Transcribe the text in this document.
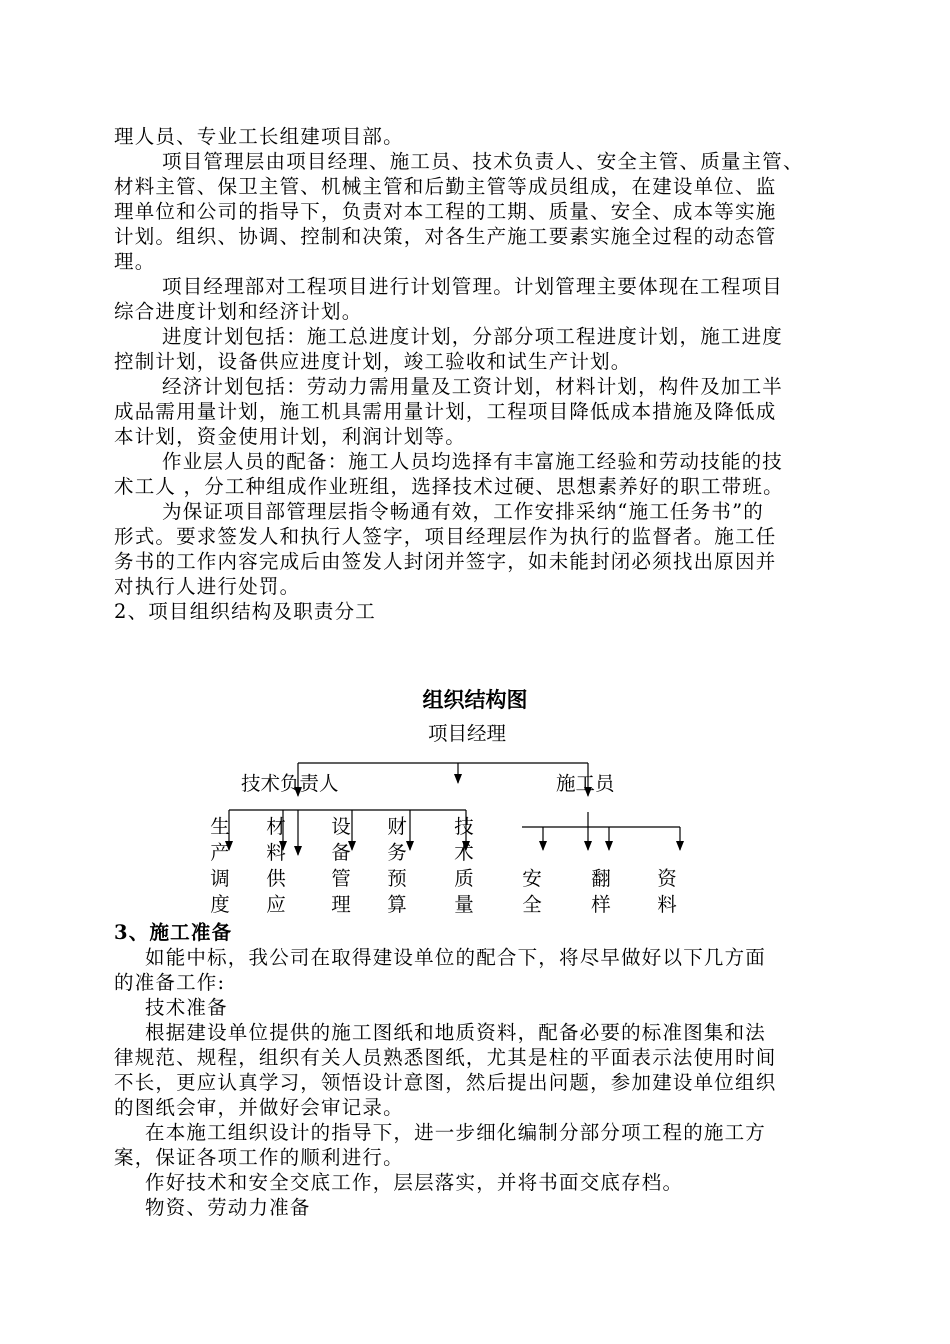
理人员、专业工长组建项目部。
项目管理层由项目经理、施工员、技术负责人、安全主管、质量主管、
材料主管、保卫主管、机械主管和后勤主管等成员组成，在建设单位、监
理单位和公司的指导下，负责对本工程的工期、质量、安全、成本等实施
计划。组织、协调、控制和决策，对各生产施工要素实施全过程的动态管
理。
项目经理部对工程项目进行计划管理。计划管理主要体现在工程项目
综合进度计划和经济计划。
进度计划包括：施工总进度计划，分部分项工程进度计划，施工进度
控制计划，设备供应进度计划，竣工验收和试生产计划。
经济计划包括：劳动力需用量及工资计划，材料计划，构件及加工半
成品需用量计划，施工机具需用量计划，工程项目降低成本措施及降低成
本计划，资金使用计划，利润计划等。
作业层人员的配备：施工人员均选择有丰富施工经验和劳动技能的技
术工人 ，分工种组成作业班组，选择技术过硬、思想素养好的职工带班。
为保证项目部管理层指令畅通有效，工作安排采纳“施工任务书”的
形式。要求签发人和执行人签字，项目经理层作为执行的监督者。施工任
务书的工作内容完成后由签发人封闭并签字，如未能封闭必须找出原因并
对执行人进行处罚。
2、项目组织结构及职责分工
组织结构图
项目经理
技术负责人	施工员
生产调度
材料供应
设备管理
财务预算
技术质量
安全
翻样
资料
3、施工准备
如能中标，我公司在取得建设单位的配合下，将尽早做好以下几方面
的准备工作:
技术准备
根据建设单位提供的施工图纸和地质资料，配备必要的标准图集和法
律规范、规程，组织有关人员熟悉图纸，尤其是柱的平面表示法使用时间
不长，更应认真学习，领悟设计意图，然后提出问题，参加建设单位组织
的图纸会审，并做好会审记录。
在本施工组织设计的指导下，进一步细化编制分部分项工程的施工方
案，保证各项工作的顺利进行。
作好技术和安全交底工作，层层落实，并将书面交底存档。
物资、劳动力准备
